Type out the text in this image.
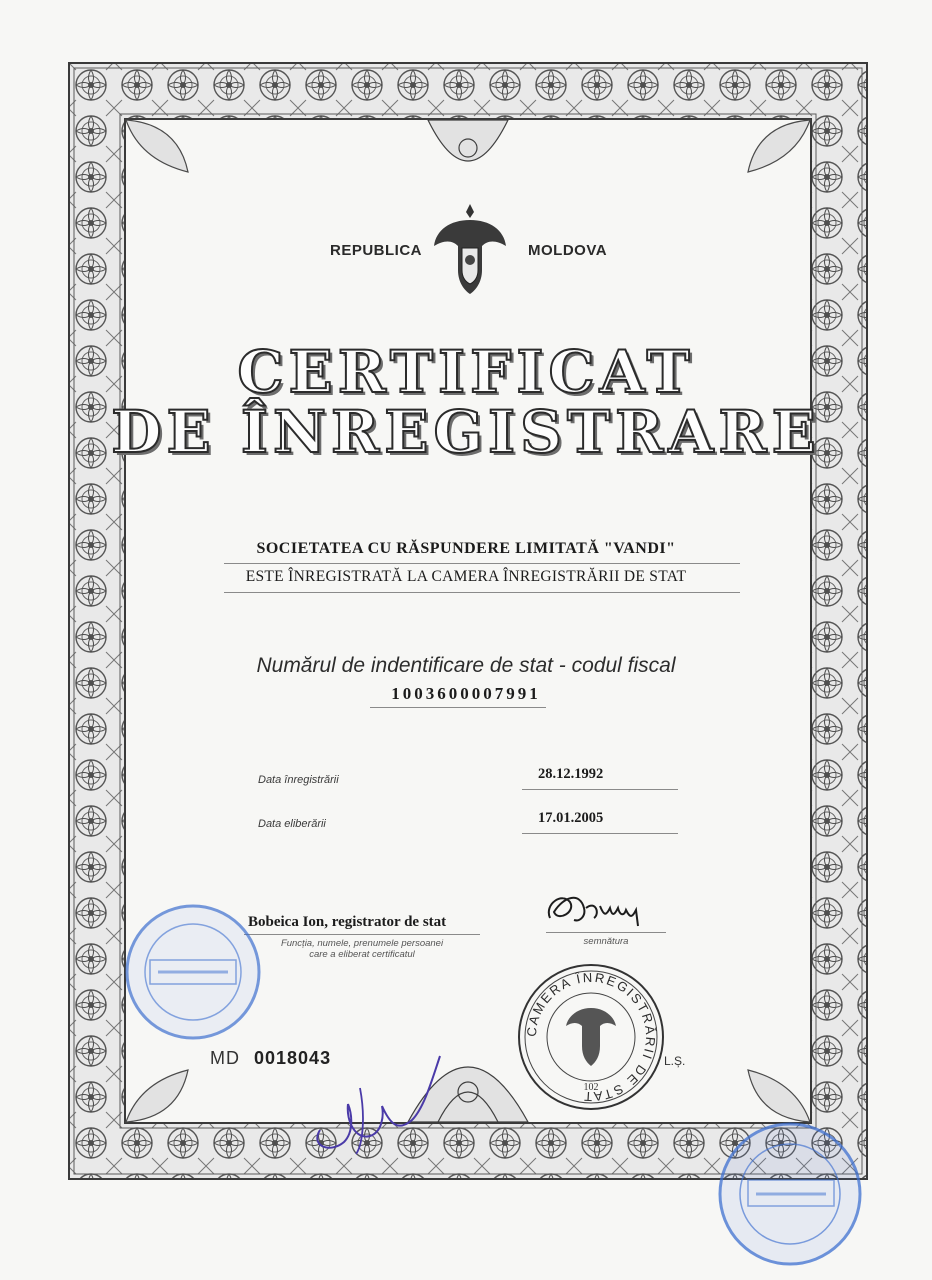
REPUBLICA	MOLDOVA
CERTIFICAT
DE ÎNREGISTRARE
SOCIETATEA CU RĂSPUNDERE LIMITATĂ "VANDI"
ESTE ÎNREGISTRATĂ LA CAMERA ÎNREGISTRĂRII DE STAT
Numărul de indentificare de stat - codul fiscal
1003600007991
Data înregistrării	28.12.1992
Data eliberării	17.01.2005
Bobeica Ion, registrator de stat
Funcția, numele, prenumele persoanei
care a eliberat certificatul
semnătura
CAMERA ÎNREGISTRĂRII DE STAT
102
L.Ș.
MD 0018043
